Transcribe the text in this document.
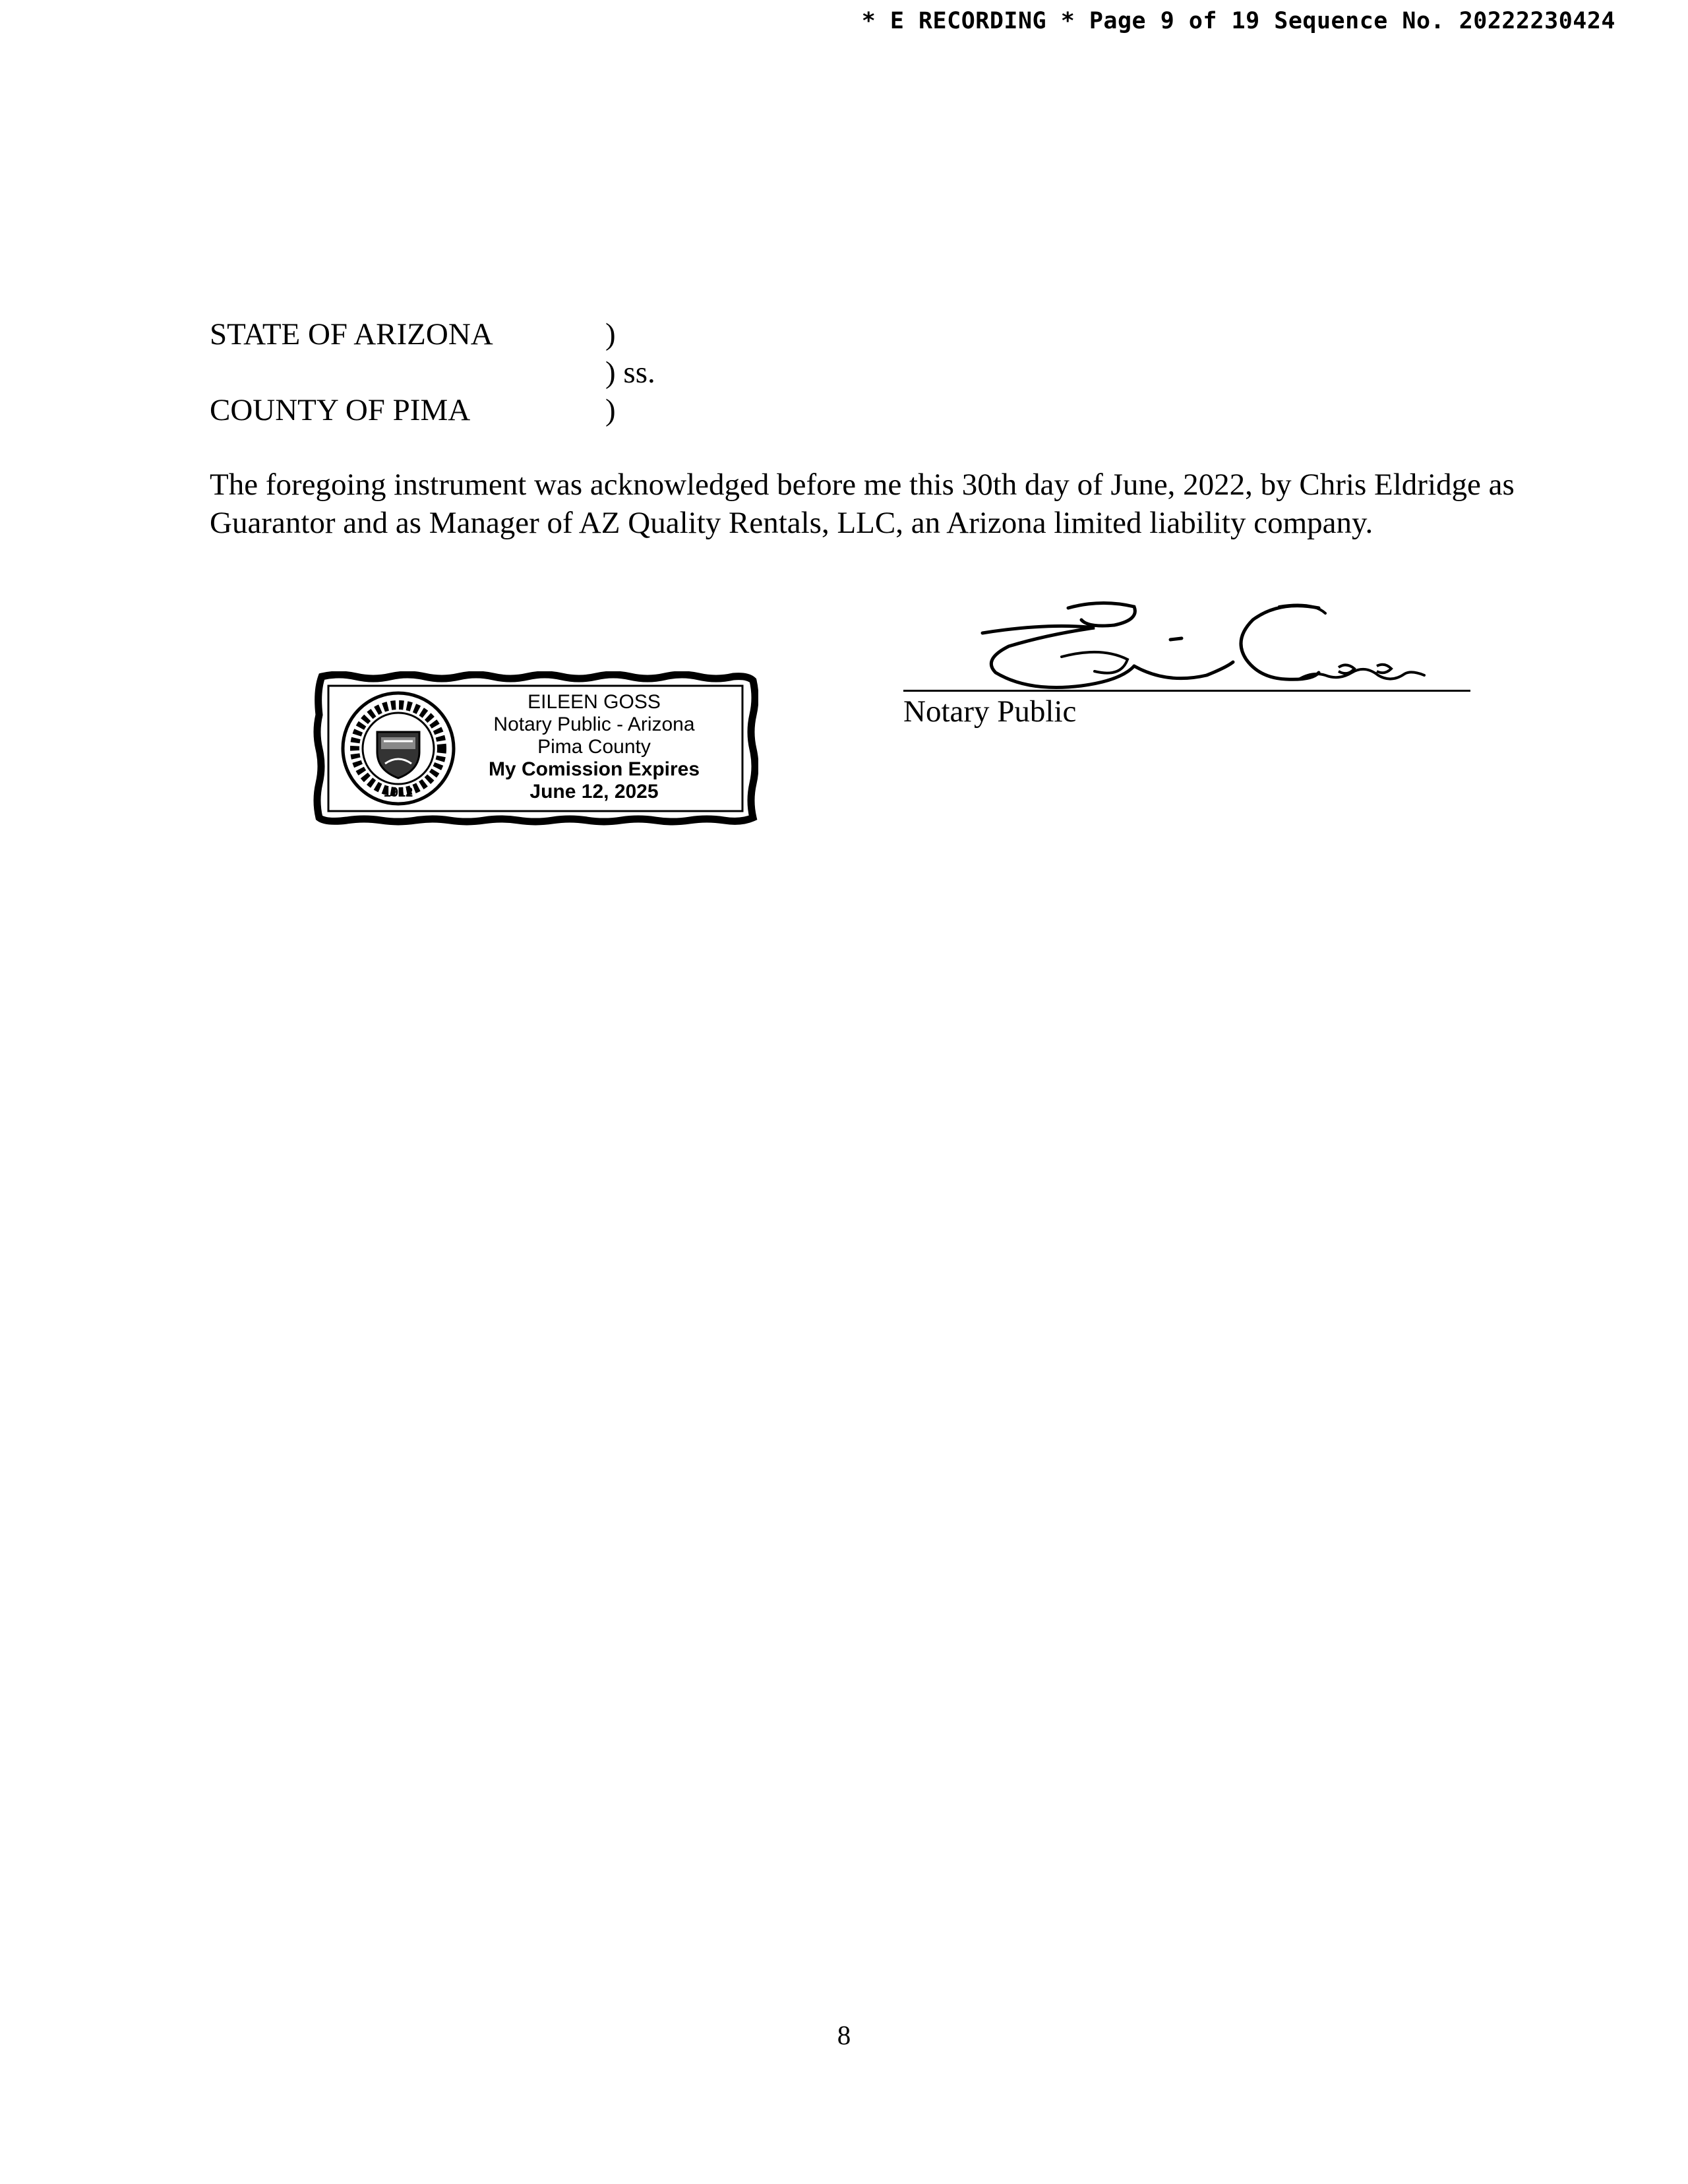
* E RECORDING * Page 9 of 19 Sequence No. 20222230424
STATE OF ARIZONA
COUNTY OF PIMA
)
) ss.
)
The foregoing instrument was acknowledged before me this 30th day of June, 2022, by Chris Eldridge as Guarantor and as Manager of AZ Quality Rentals, LLC, an Arizona limited liability company.
1912
EILEEN GOSS
Notary Public - Arizona
Pima County
My Comission Expires
June 12, 2025
Notary Public
8
